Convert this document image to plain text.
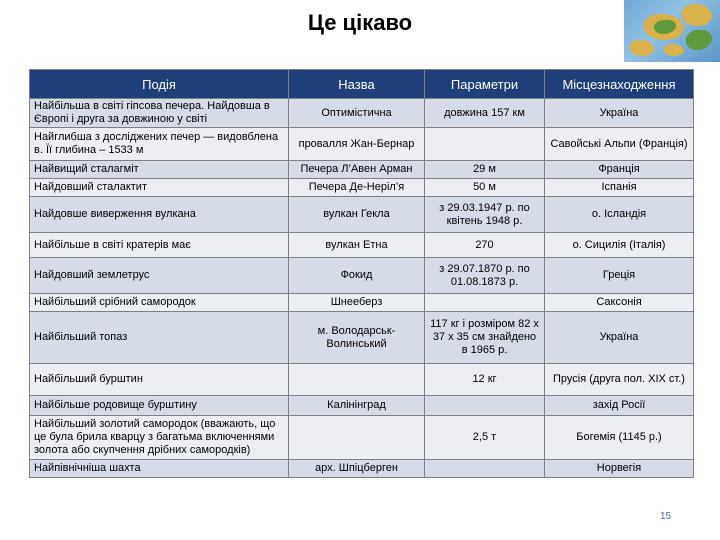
Це цікаво
Подія	Назва	Параметри	Місцезнаходження
Найбільша в світі гіпсова печера. Найдовша в Європі і друга за довжиною у світі	Оптимістична	довжина 157 км	Україна
Найглибша з досліджених печер — видовблена в. Її глибина – 1533 м	провалля Жан-Бернар		Савойські Альпи (Франція)
Найвищий сталагміт	Печера Л’Авен Арман	29 м	Франція
Найдовший сталактит	Печера Де-Неріл’я	50 м	Іспанія
Найдовше виверження вулкана	вулкан Гекла	з 29.03.1947 р. по квітень 1948 р.	о. Ісландія
Найбільше в світі кратерів має	вулкан Етна	270	о. Сицилія (Італія)
Найдовший землетрус	Фокид	з 29.07.1870 р. по 01.08.1873 р.	Греція
Найбільший срібний самородок	Шнееберз		Саксонія
Найбільший топаз	м. Володарськ-Волинський	117 кг і розміром 82 х 37 х 35 см знайдено в 1965 р.	Україна
Найбільший бурштин		12 кг	Прусія (друга пол. XIX ст.)
Найбільше родовище бурштину	Калінінград		захід Росії
Найбільший золотий самородок (вважають, що це була брила кварцу з багатьма включеннями золота або скупчення дрібних самородків)		2,5 т	Богемія (1145 р.)
Найпівнічніша шахта	арх. Шпіцберген		Норвегія
15
